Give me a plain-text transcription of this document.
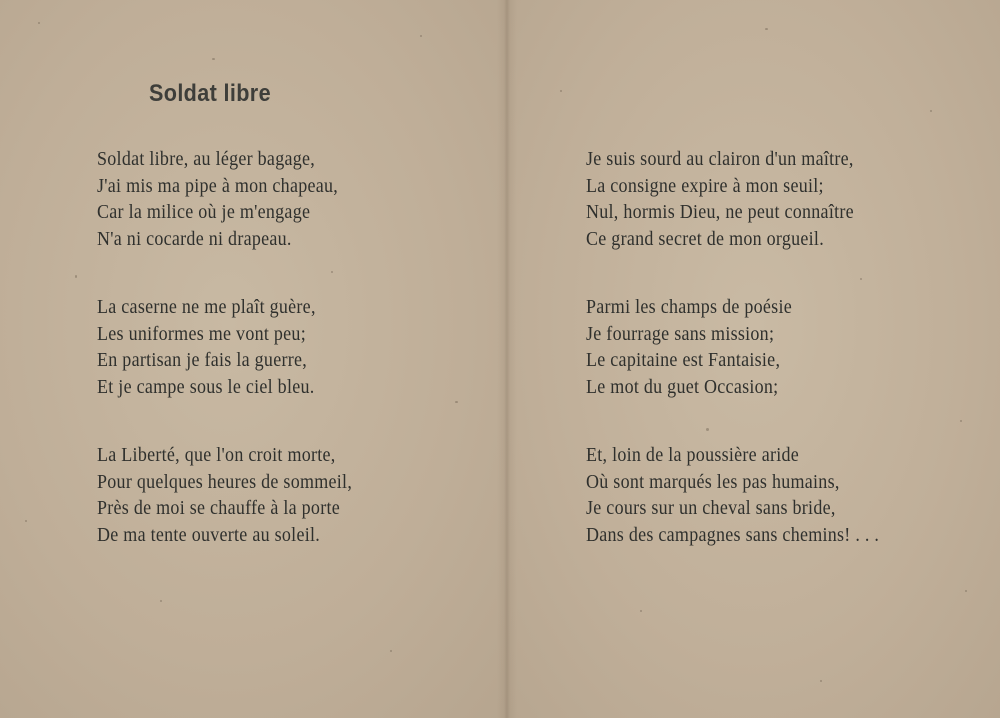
Soldat libre
Soldat libre, au léger bagage,
J'ai mis ma pipe à mon chapeau,
Car la milice où je m'engage
N'a ni cocarde ni drapeau.
La caserne ne me plaît guère,
Les uniformes me vont peu;
En partisan je fais la guerre,
Et je campe sous le ciel bleu.
La Liberté, que l'on croit morte,
Pour quelques heures de sommeil,
Près de moi se chauffe à la porte
De ma tente ouverte au soleil.
Je suis sourd au clairon d'un maître,
La consigne expire à mon seuil;
Nul, hormis Dieu, ne peut connaître
Ce grand secret de mon orgueil.
Parmi les champs de poésie
Je fourrage sans mission;
Le capitaine est Fantaisie,
Le mot du guet Occasion;
Et, loin de la poussière aride
Où sont marqués les pas humains,
Je cours sur un cheval sans bride,
Dans des campagnes sans chemins! . . .
